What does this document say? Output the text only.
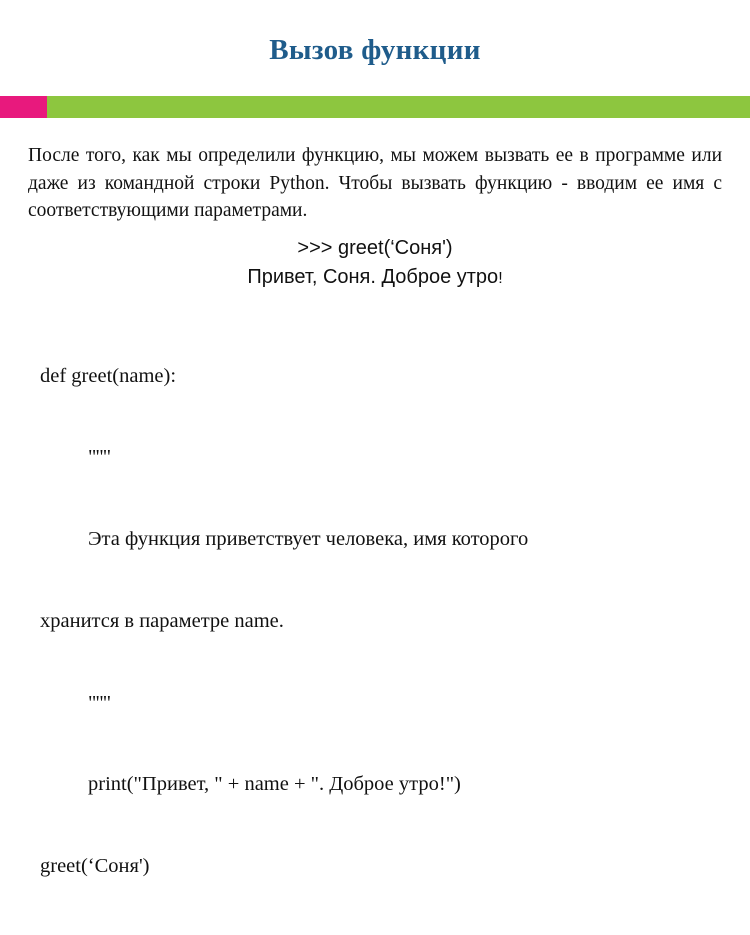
Вызов функции
После того, как мы определили функцию, мы можем вызвать ее в программе или даже из командной строки Python. Чтобы вызвать функцию - вводим ее имя с соответствующими параметрами.
>>> greet(‘Соня')
Привет, Соня. Доброе утро!

def greet(name):

"""

Эта функция приветствует человека, имя которого

хранится в параметре name.

"""

print("Привет, " + name + ". Доброе утро!")

greet(‘Соня')
